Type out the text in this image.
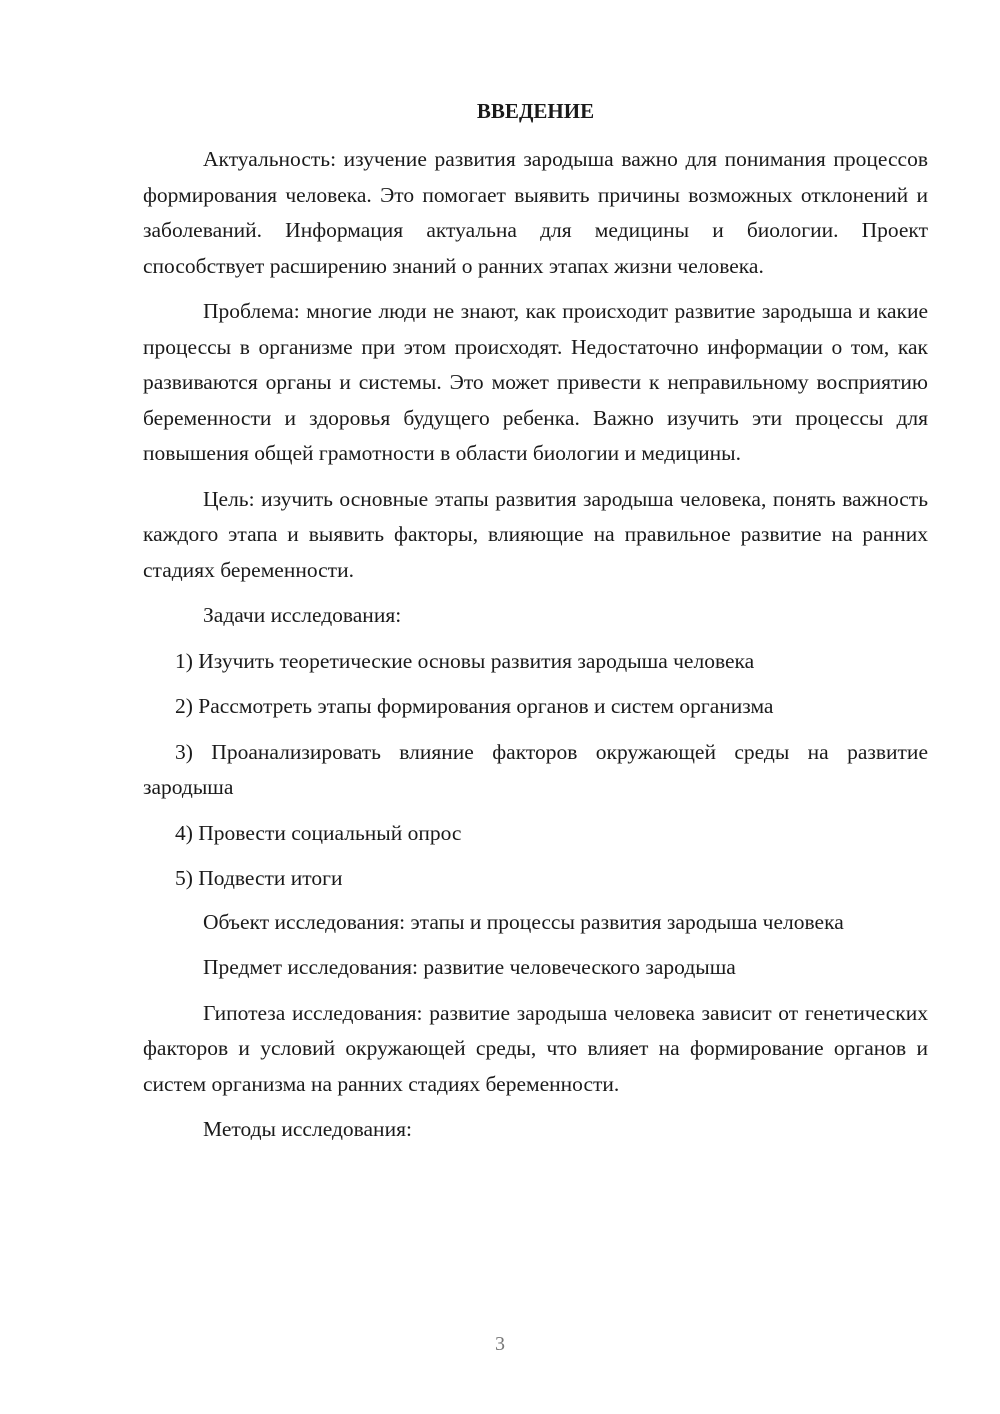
ВВЕДЕНИЕ

Актуальность: изучение развития зародыша важно для понимания процессов формирования человека. Это помогает выявить причины возможных отклонений и заболеваний. Информация актуальна для медицины и биологии. Проект способствует расширению знаний о ранних этапах жизни человека.

Проблема: многие люди не знают, как происходит развитие зародыша и какие процессы в организме при этом происходят. Недостаточно информации о том, как развиваются органы и системы. Это может привести к неправильному восприятию беременности и здоровья будущего ребенка. Важно изучить эти процессы для повышения общей грамотности в области биологии и медицины.

Цель: изучить основные этапы развития зародыша человека, понять важность каждого этапа и выявить факторы, влияющие на правильное развитие на ранних стадиях беременности.

Задачи исследования:

1) Изучить теоретические основы развития зародыша человека

2) Рассмотреть этапы формирования органов и систем организма

3) Проанализировать влияние факторов окружающей среды на развитие зародыша

4) Провести социальный опрос

5) Подвести итоги

Объект исследования: этапы и процессы развития зародыша человека

Предмет исследования: развитие человеческого зародыша

Гипотеза исследования: развитие зародыша человека зависит от генетических факторов и условий окружающей среды, что влияет на формирование органов и систем организма на ранних стадиях беременности.

Методы исследования:

3
